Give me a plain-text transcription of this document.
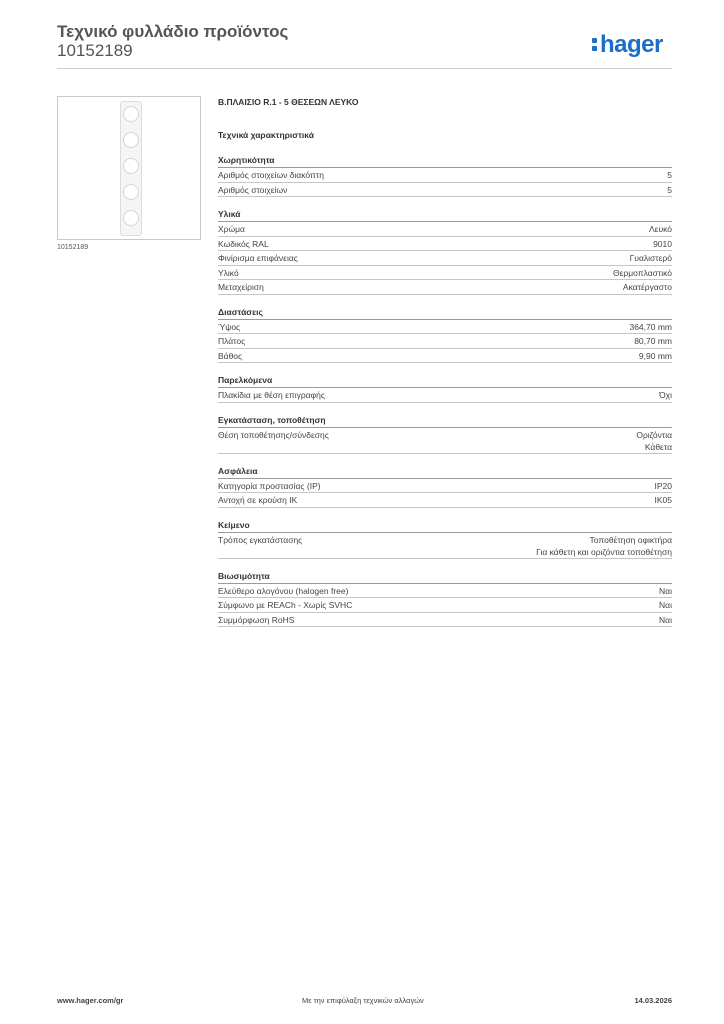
Τεχνικό φυλλάδιο προϊόντος
10152189	hager
10152189
Β.ΠΛΑΙΣΙΟ R.1 - 5 ΘΕΣΕΩΝ ΛΕΥΚΟ
Τεχνικά χαρακτηριστικά
Χωρητικότητα
Αριθμός στοιχείων διακόπτη	5
Αριθμός στοιχείων	5
Υλικά
Χρώμα	Λευκό
Κωδικός RAL	9010
Φινίρισμα επιφάνειας	Γυαλιστερό
Υλικό	Θερμοπλαστικό
Μεταχείριση	Ακατέργαστο
Διαστάσεις
Ύψος	364,70 mm
Πλάτος	80,70 mm
Βάθος	9,90 mm
Παρελκόμενα
Πλακίδια με θέση επιγραφής	Όχι
Εγκατάσταση, τοποθέτηση
Θέση τοποθέτησης/σύνδεσης	Οριζόντια
Κάθετα
Ασφάλεια
Κατηγορία προστασίας (IP)	IP20
Αντοχή σε κρούση IK	IK05
Κείμενο
Τρόπος εγκατάστασης	Τοποθέτηση οφικτήρα
Για κάθετη και οριζόντια τοποθέτηση
Βιωσιμότητα
Ελεύθερο αλογόνου (halogen free)	Ναι
Σύμφωνο με REACh - Χωρίς SVHC	Ναι
Συμμόρφωση RoHS	Ναι
www.hager.com/gr	Με την επιφύλαξη τεχνικών αλλαγών	14.03.2026
